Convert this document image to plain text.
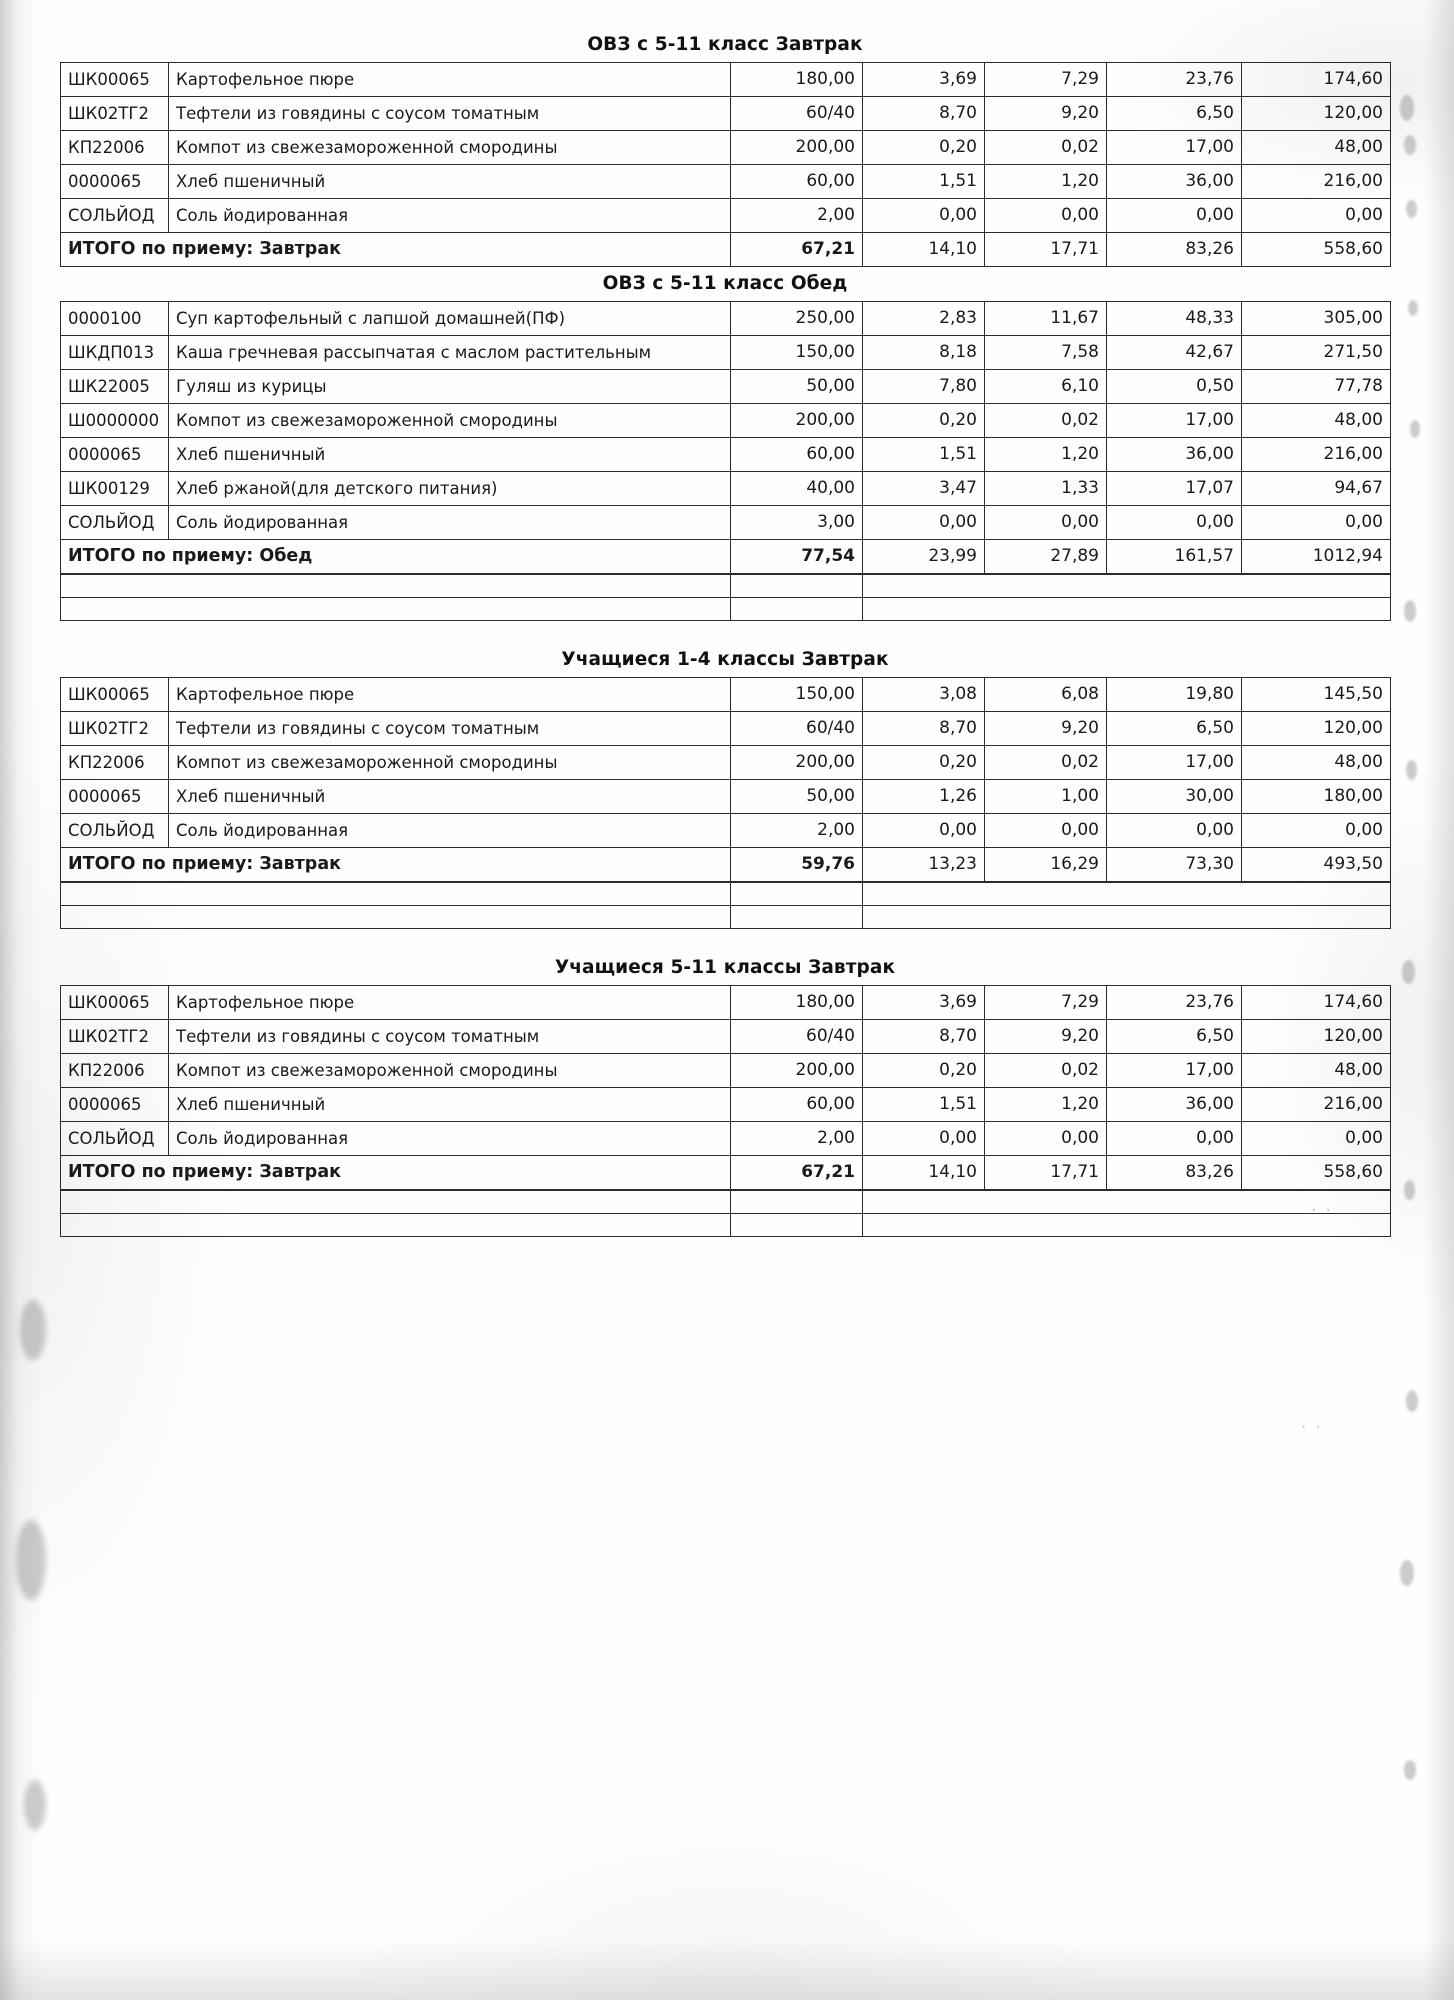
· ·
. .
ОВЗ с 5-11 класс Завтрак
ШК00065	Картофельное пюре	180,00	3,69	7,29	23,76	174,60
ШК02ТГ2	Тефтели из говядины с соусом томатным	60/40	8,70	9,20	6,50	120,00
КП22006	Компот из свежезамороженной смородины	200,00	0,20	0,02	17,00	48,00
0000065	Хлеб пшеничный	60,00	1,51	1,20	36,00	216,00
СОЛЬЙОД	Соль йодированная	2,00	0,00	0,00	0,00	0,00
ИТОГО по приему: Завтрак		67,21	14,10	17,71	83,26	558,60
ОВЗ с 5-11 класс Обед
0000100	Суп картофельный с лапшой домашней(ПФ)	250,00	2,83	11,67	48,33	305,00
ШКДП013	Каша гречневая рассыпчатая с маслом растительным	150,00	8,18	7,58	42,67	271,50
ШК22005	Гуляш из курицы	50,00	7,80	6,10	0,50	77,78
Ш0000000	Компот из свежезамороженной смородины	200,00	0,20	0,02	17,00	48,00
0000065	Хлеб пшеничный	60,00	1,51	1,20	36,00	216,00
ШК00129	Хлеб ржаной(для детского питания)	40,00	3,47	1,33	17,07	94,67
СОЛЬЙОД	Соль йодированная	3,00	0,00	0,00	0,00	0,00
ИТОГО по приему: Обед		77,54	23,99	27,89	161,57	1012,94

Учащиеся 1-4 классы Завтрак
ШК00065	Картофельное пюре	150,00	3,08	6,08	19,80	145,50
ШК02ТГ2	Тефтели из говядины с соусом томатным	60/40	8,70	9,20	6,50	120,00
КП22006	Компот из свежезамороженной смородины	200,00	0,20	0,02	17,00	48,00
0000065	Хлеб пшеничный	50,00	1,26	1,00	30,00	180,00
СОЛЬЙОД	Соль йодированная	2,00	0,00	0,00	0,00	0,00
ИТОГО по приему: Завтрак		59,76	13,23	16,29	73,30	493,50

Учащиеся 5-11 классы Завтрак
ШК00065	Картофельное пюре	180,00	3,69	7,29	23,76	174,60
ШК02ТГ2	Тефтели из говядины с соусом томатным	60/40	8,70	9,20	6,50	120,00
КП22006	Компот из свежезамороженной смородины	200,00	0,20	0,02	17,00	48,00
0000065	Хлеб пшеничный	60,00	1,51	1,20	36,00	216,00
СОЛЬЙОД	Соль йодированная	2,00	0,00	0,00	0,00	0,00
ИТОГО по приему: Завтрак		67,21	14,10	17,71	83,26	558,60
